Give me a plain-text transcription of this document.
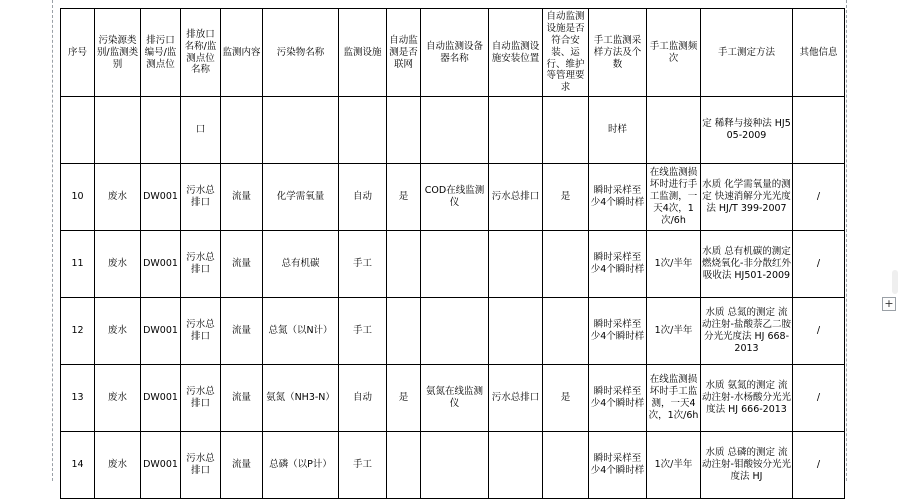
序号	污染源类别/监测类别	排污口编号/监测点位	排放口名称/监测点位名称	监测内容	污染物名称	监测设施	自动监测是否联网	自动监测设备器名称	自动监测设施安装位置	自动监测设施是否符合安装、运行、维护等管理要求	手工监测采样方法及个数	手工监测频次	手工测定方法	其他信息
			口								时样		定 稀释与接种法 HJ505-2009	
10	废水	DW001	污水总排口	流量	化学需氧量	自动	是	COD在线监测仪	污水总排口	是	瞬时采样至少4个瞬时样	在线监测损坏时进行手工监测，一天4次，1次/6h	水质 化学需氧量的测定 快速消解分光光度法 HJ/T 399-2007	/
11	废水	DW001	污水总排口	流量	总有机碳	手工					瞬时采样至少4个瞬时样	1次/半年	水质 总有机碳的测定 燃烧氧化-非分散红外吸收法 HJ501-2009	/
12	废水	DW001	污水总排口	流量	总氮（以N计）	手工					瞬时采样至少4个瞬时样	1次/半年	水质 总氮的测定 流动注射-盐酸萘乙二胺分光光度法 HJ 668-2013	/
13	废水	DW001	污水总排口	流量	氨氮（NH3-N）	自动	是	氨氮在线监测仪	污水总排口	是	瞬时采样至少4个瞬时样	在线监测损坏时手工监测，一天4次，1次/6h	水质 氨氮的测定 流动注射-水杨酸分光光度法 HJ 666-2013	/
14	废水	DW001	污水总排口	流量	总磷（以P计）	手工					瞬时采样至少4个瞬时样	1次/半年	水质 总磷的测定 流动注射-钼酸铵分光光度法 HJ	/
+
